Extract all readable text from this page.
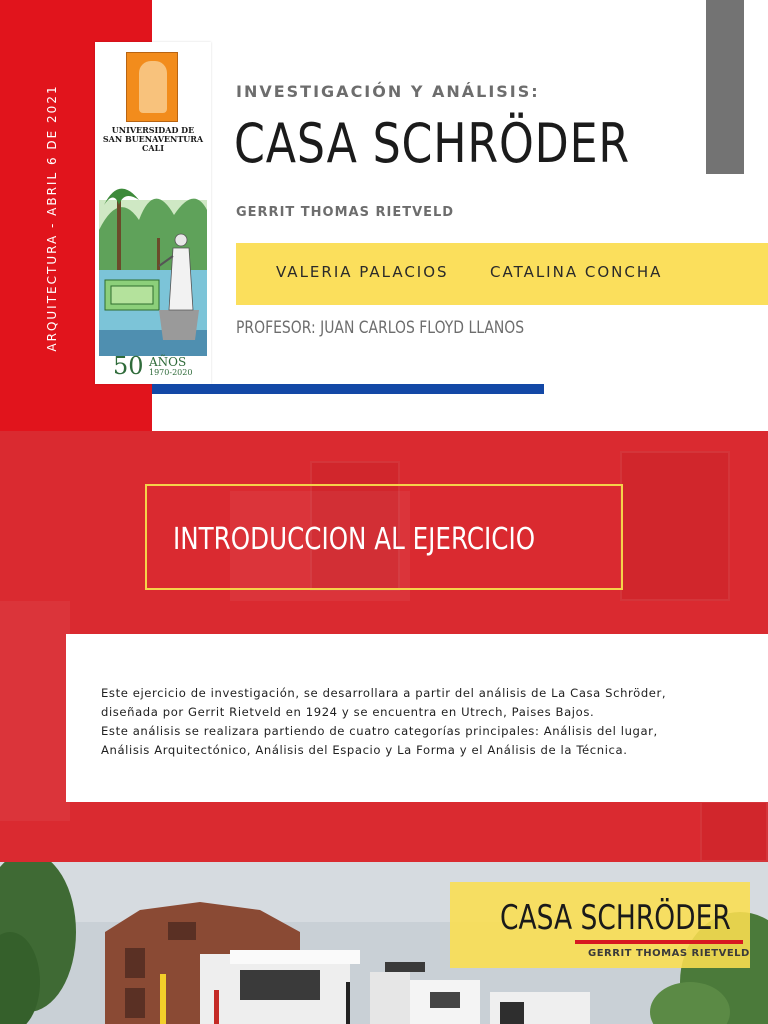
ARQUITECTURA - ABRIL 6 DE 2021	UNIVERSIDAD DE
SAN BUENAVENTURA
CALI
50 AÑOS
1970-2020
INVESTIGACIÓN Y ANÁLISIS:
CASA SCHRÖDER
GERRIT THOMAS RIETVELD
VALERIA PALACIOS	CATALINA CONCHA
PROFESOR: JUAN CARLOS FLOYD LLANOS
INTRODUCCION AL EJERCICIO

Este ejercicio de investigación, se desarrollara a partir del análisis de La Casa Schröder,
diseñada por Gerrit Rietveld en 1924 y se encuentra en Utrech, Paises Bajos.
Este análisis se realizara partiendo de cuatro categorías principales: Análisis del lugar,
Análisis Arquitectónico, Análisis del Espacio y La Forma y el Análisis de la Técnica.

CASA SCHRÖDER
GERRIT THOMAS RIETVELD
